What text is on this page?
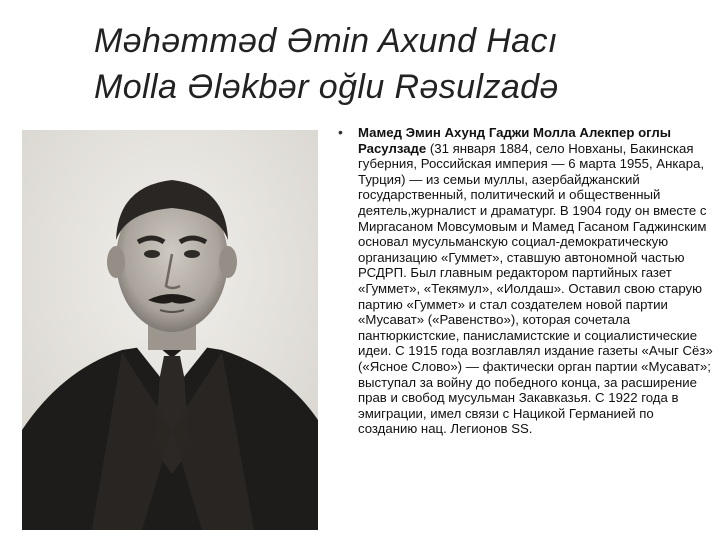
Məhəmməd Əmin Axund Hacı
Molla Ələkbər oğlu Rəsulzadə
• Мамед Эмин Ахунд Гаджи Молла Алекпер оглы Расулзаде (31 января 1884, село Новханы, Бакинская губерния, Российская империя — 6 марта 1955, Анкара, Турция) — из семьи муллы, азербайджанский государственный, политический и общественный деятель,журналист и драматург. В 1904 году он вместе с Миргасаном Мовсумовым и Мамед Гасаном Гаджинским основал мусульманскую социал-демократическую организацию «Гуммет», ставшую автономной частью РСДРП. Был главным редактором партийных газет «Гуммет», «Текямул», «Иолдаш». Оставил свою старую партию «Гуммет» и стал создателем новой партии «Мусават» («Равенство»), которая сочетала пантюркистские, панисламистские и социалистические идеи. С 1915 года возглавлял издание газеты «Ачыг Сёз» («Ясное Слово») — фактически орган партии «Мусават»; выступал за войну до победного конца, за расширение прав и свобод мусульман Закавказья. С 1922 года в эмиграции, имел связи с Нацикой Германией по созданию нац. Легионов SS.
